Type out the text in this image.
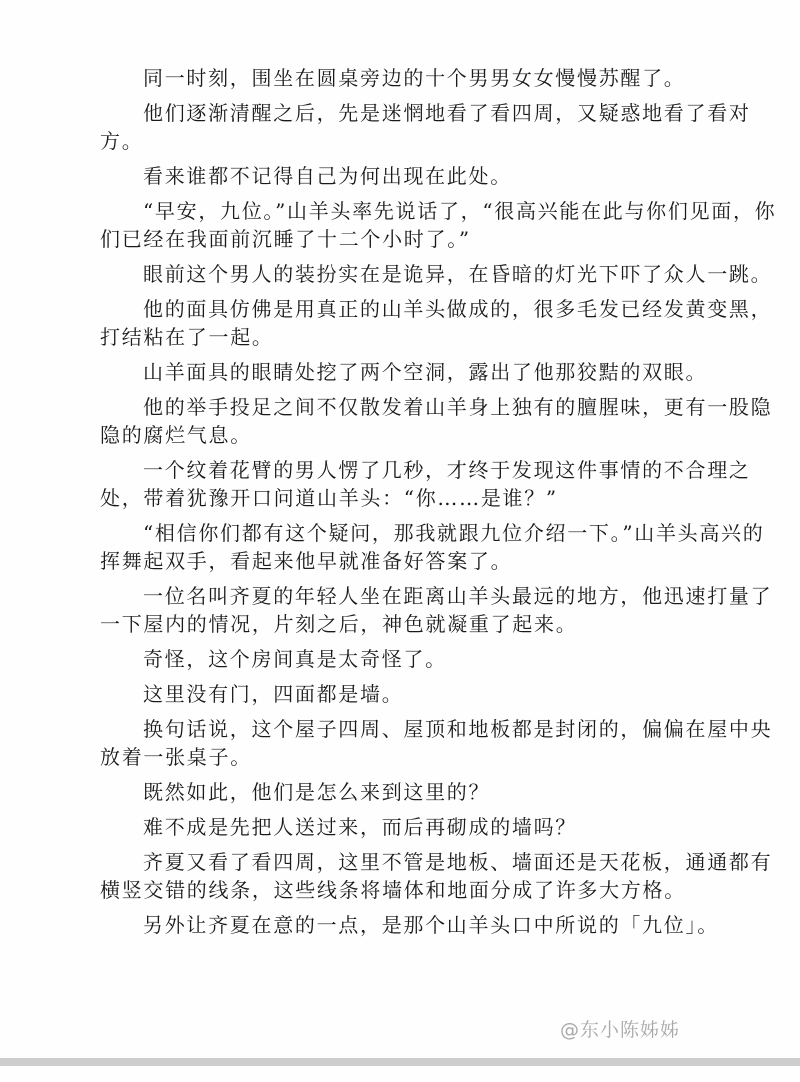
同一时刻，围坐在圆桌旁边的十个男男女女慢慢苏醒了。

他们逐渐清醒之后，先是迷惘地看了看四周，又疑惑地看了看对方。

看来谁都不记得自己为何出现在此处。

“早安，九位。”山羊头率先说话了，“很高兴能在此与你们见面，你们已经在我面前沉睡了十二个小时了。”

眼前这个男人的装扮实在是诡异，在昏暗的灯光下吓了众人一跳。

他的面具仿佛是用真正的山羊头做成的，很多毛发已经发黄变黑，打结粘在了一起。

山羊面具的眼睛处挖了两个空洞，露出了他那狡黠的双眼。

他的举手投足之间不仅散发着山羊身上独有的膻腥味，更有一股隐隐的腐烂气息。

一个纹着花臂的男人愣了几秒，才终于发现这件事情的不合理之处，带着犹豫开口问道山羊头：“你……是谁？”

“相信你们都有这个疑问，那我就跟九位介绍一下。”山羊头高兴的挥舞起双手，看起来他早就准备好答案了。

一位名叫齐夏的年轻人坐在距离山羊头最远的地方，他迅速打量了一下屋内的情况，片刻之后，神色就凝重了起来。

奇怪，这个房间真是太奇怪了。

这里没有门，四面都是墙。

换句话说，这个屋子四周、屋顶和地板都是封闭的，偏偏在屋中央放着一张桌子。

既然如此，他们是怎么来到这里的？

难不成是先把人送过来，而后再砌成的墙吗？

齐夏又看了看四周，这里不管是地板、墙面还是天花板，通通都有横竖交错的线条，这些线条将墙体和地面分成了许多大方格。

另外让齐夏在意的一点，是那个山羊头口中所说的「九位」。

@东小陈姊姊
